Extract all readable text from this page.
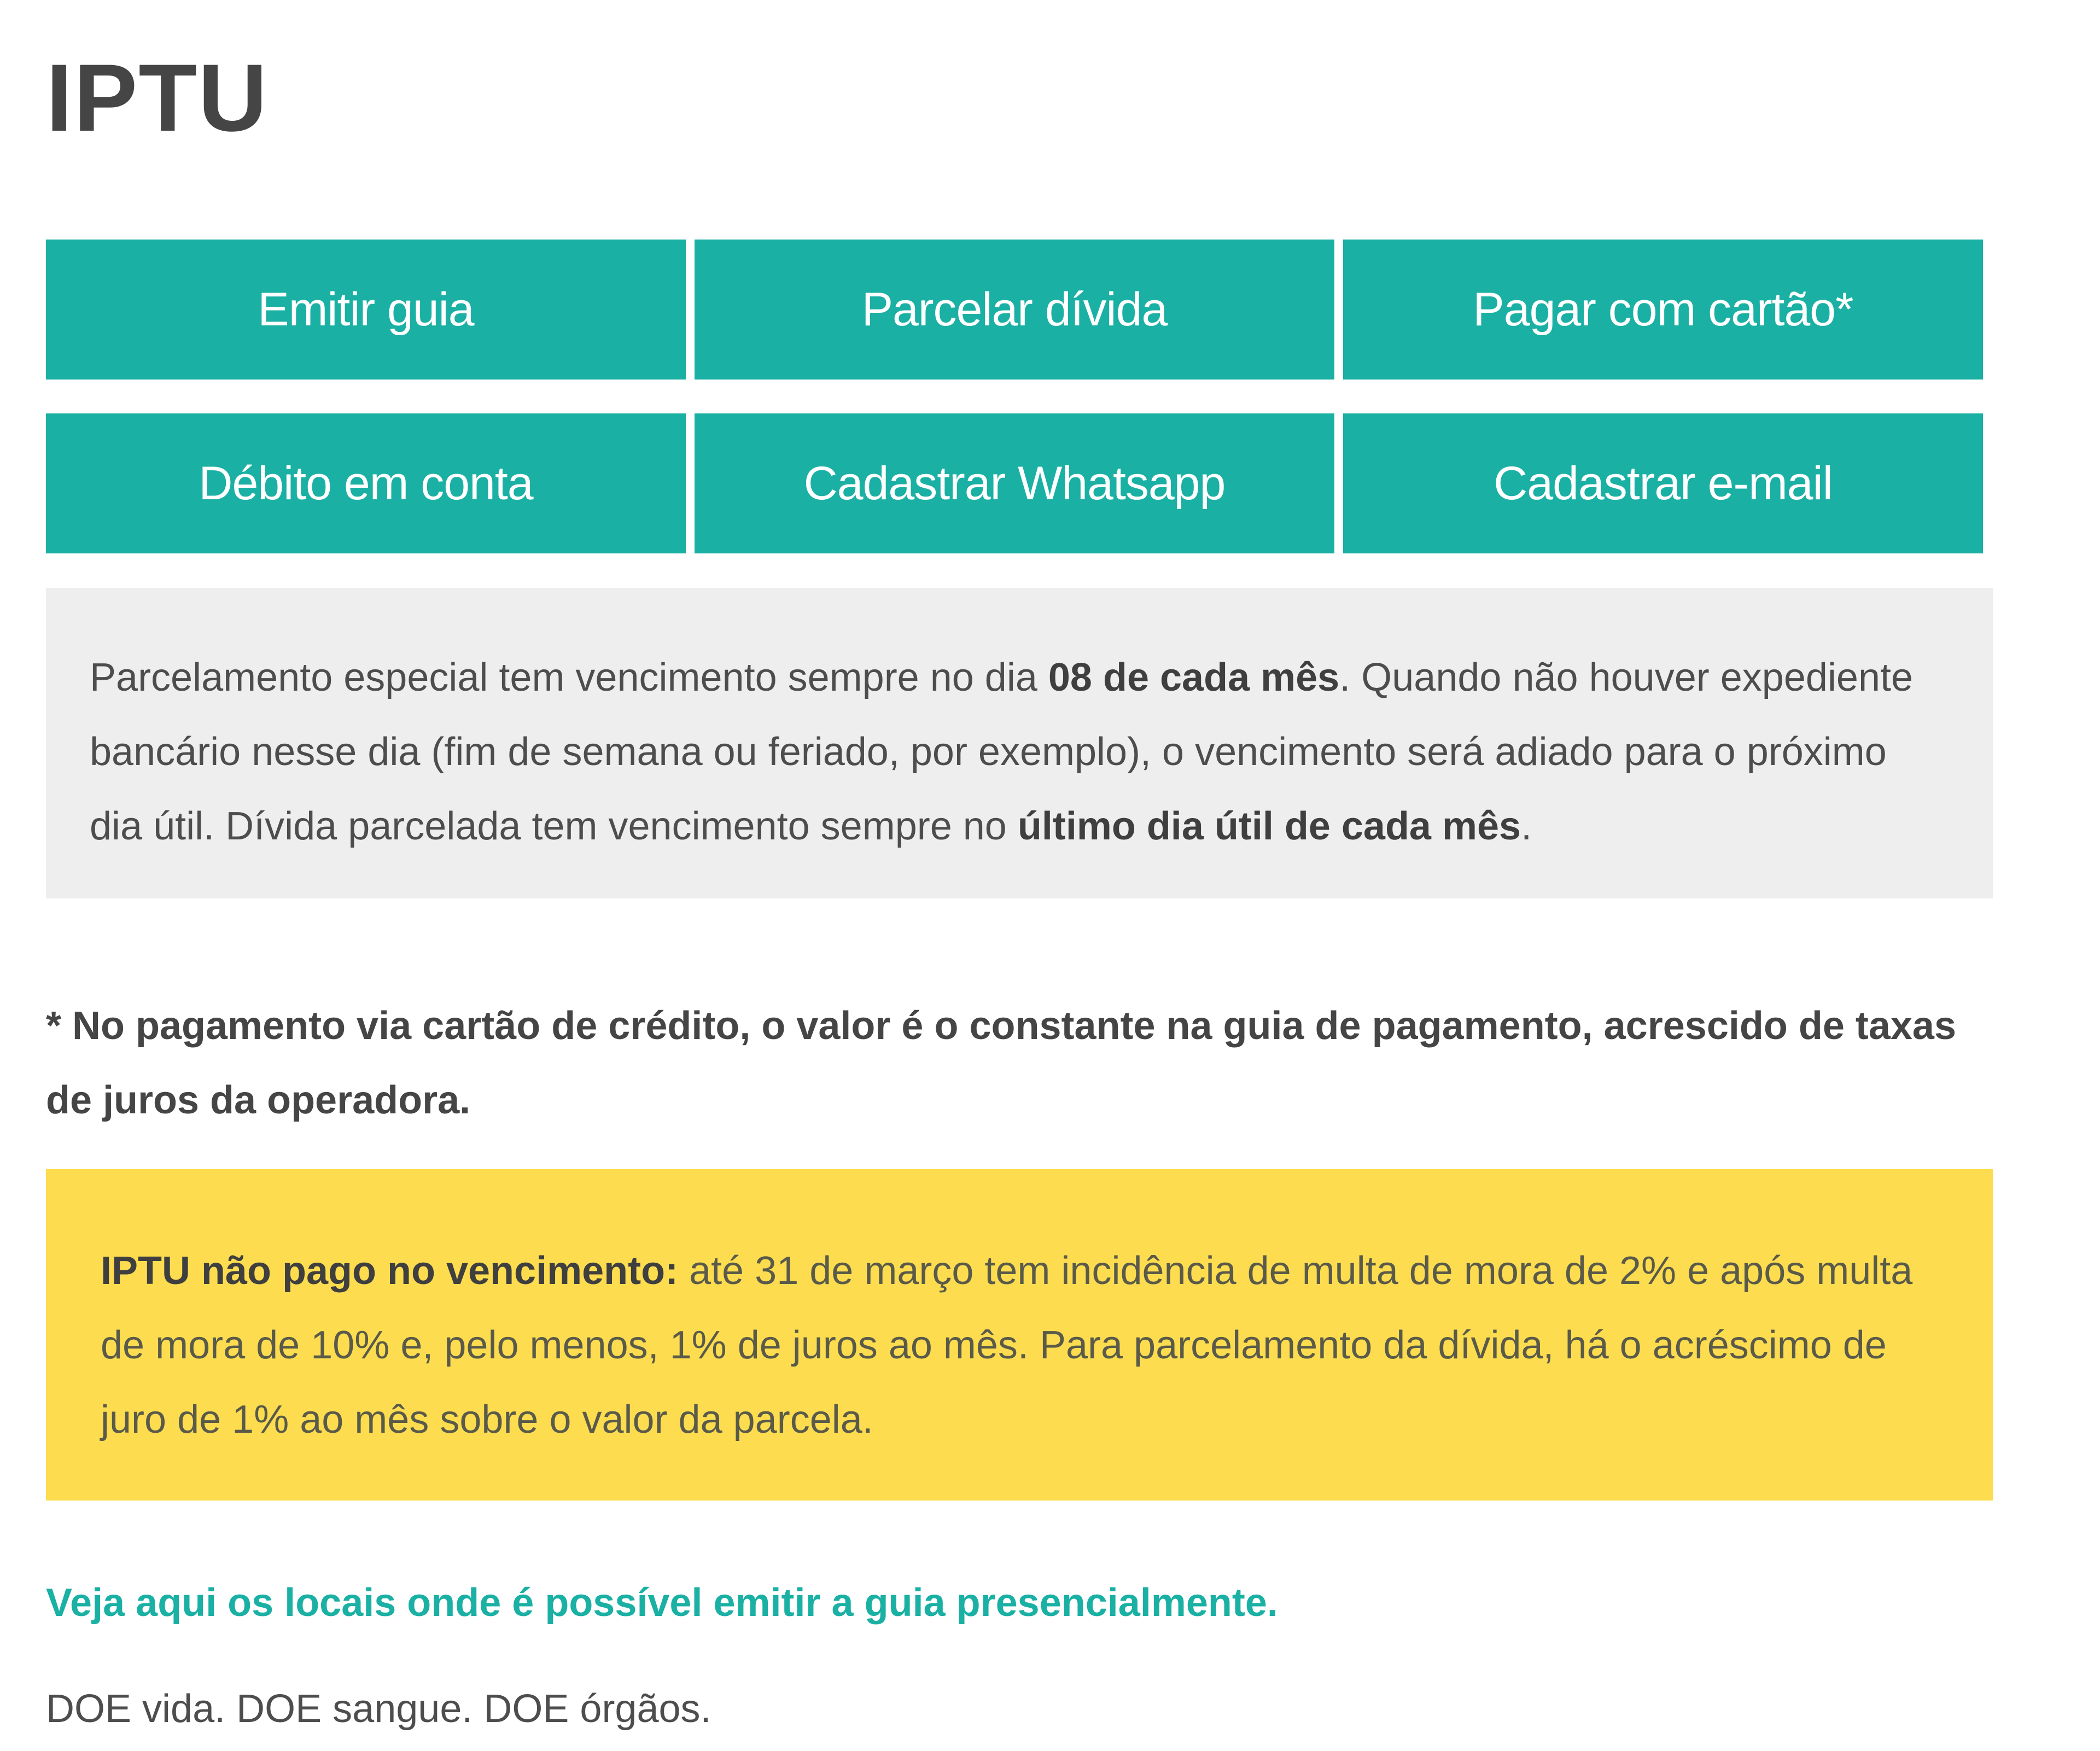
IPTU
Emitir guia	Parcelar dívida	Pagar com cartão*
Débito em conta	Cadastrar Whatsapp	Cadastrar e-mail
Parcelamento especial tem vencimento sempre no dia 08 de cada mês. Quando não houver expediente bancário nesse dia (fim de semana ou feriado, por exemplo), o vencimento será adiado para o próximo dia útil. Dívida parcelada tem vencimento sempre no último dia útil de cada mês.
* No pagamento via cartão de crédito, o valor é o constante na guia de pagamento, acrescido de taxas de juros da operadora.
IPTU não pago no vencimento: até 31 de março tem incidência de multa de mora de 2% e após multa de mora de 10% e, pelo menos, 1% de juros ao mês. Para parcelamento da dívida, há o acréscimo de juro de 1% ao mês sobre o valor da parcela.
Veja aqui os locais onde é possível emitir a guia presencialmente.
DOE vida. DOE sangue. DOE órgãos.
